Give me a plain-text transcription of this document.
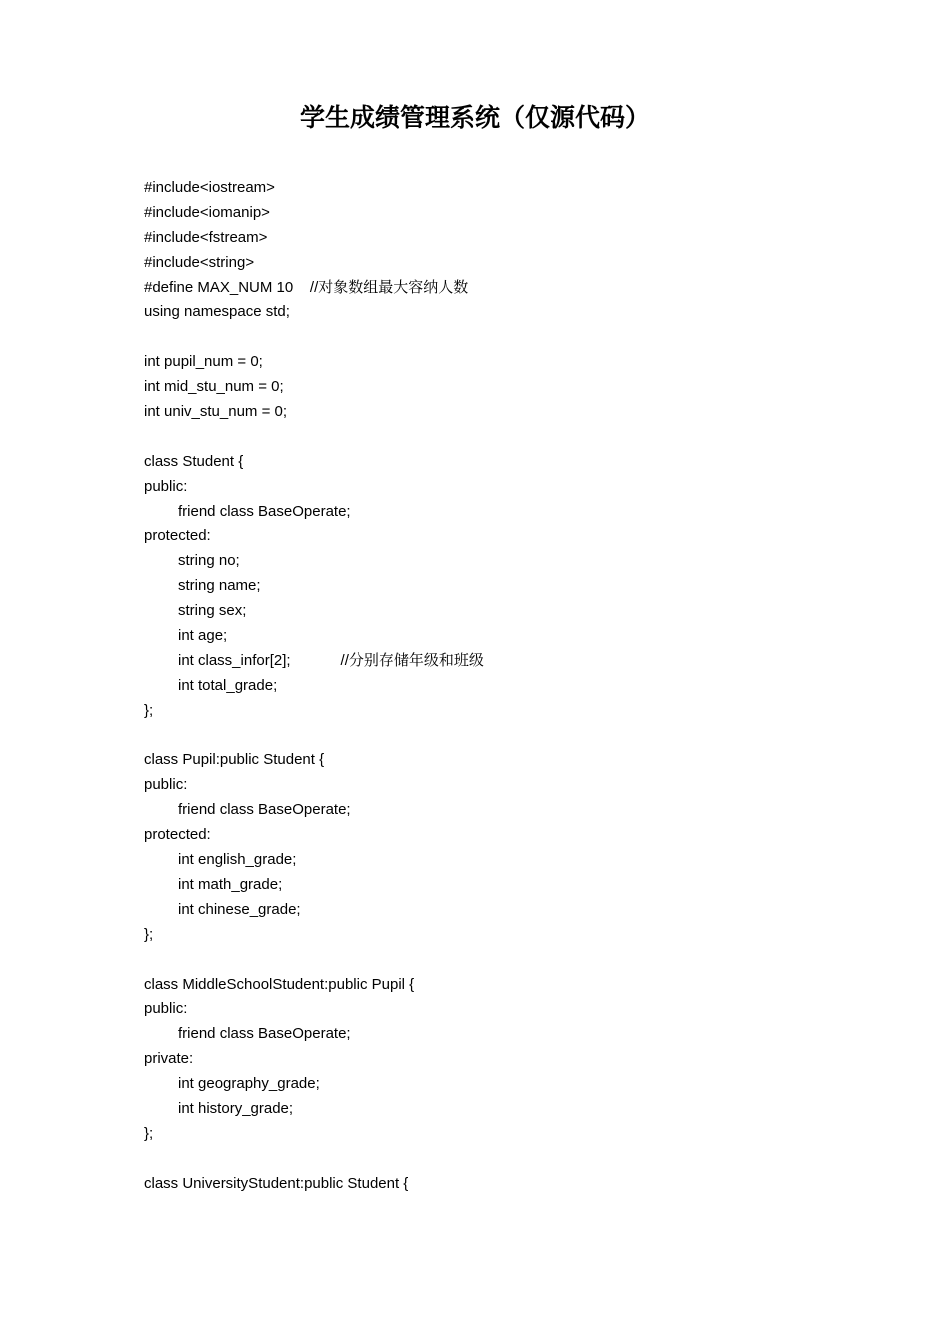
学生成绩管理系统（仅源代码）
#include<iostream>
#include<iomanip>
#include<fstream>
#include<string>
#define MAX_NUM 10    //对象数组最大容纳人数
using namespace std;
int pupil_num = 0;
int mid_stu_num = 0;
int univ_stu_num = 0;
class Student {
public:
friend class BaseOperate;
protected:
string no;
string name;
string sex;
int age;
int class_infor[2];            //分别存储年级和班级
int total_grade;
};
class Pupil:public Student {
public:
friend class BaseOperate;
protected:
int english_grade;
int math_grade;
int chinese_grade;
};
class MiddleSchoolStudent:public Pupil {
public:
friend class BaseOperate;
private:
int geography_grade;
int history_grade;
};
class UniversityStudent:public Student {
